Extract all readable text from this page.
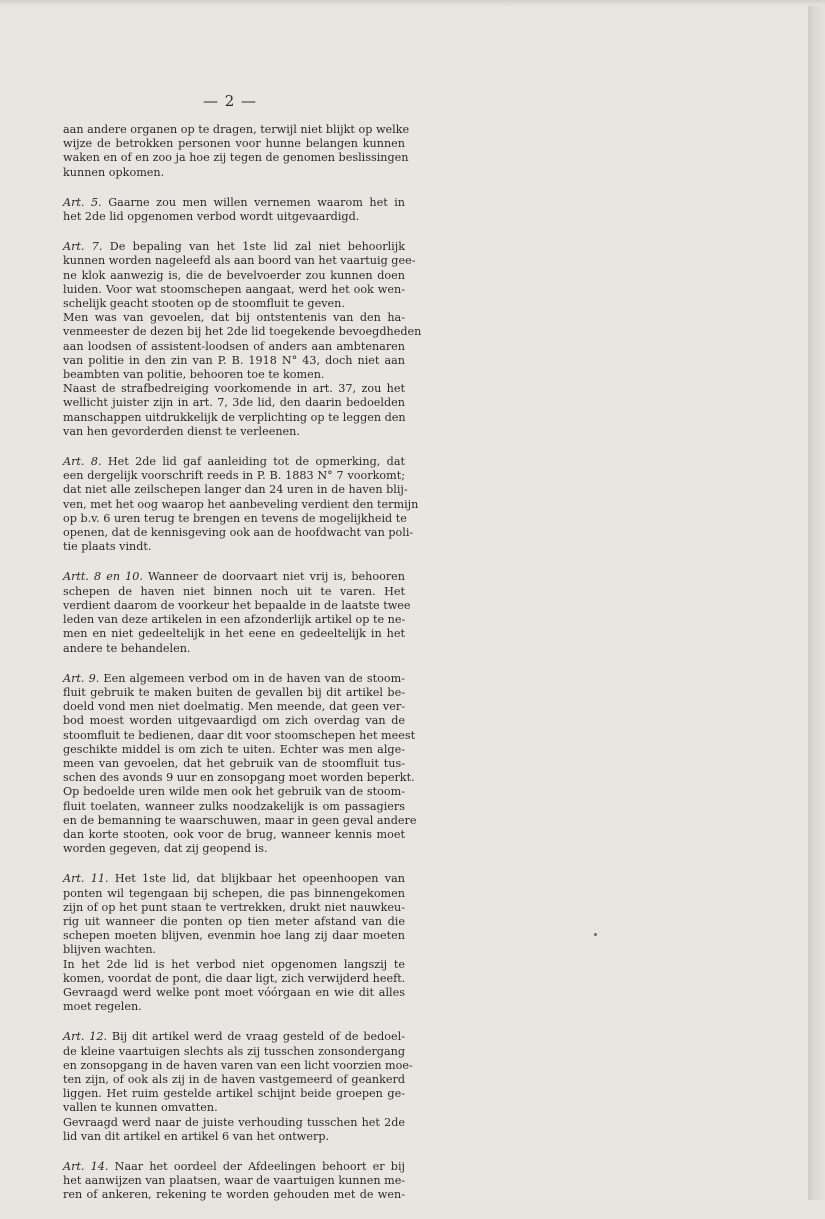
— 2 —
aan andere organen op te dragen, terwijl niet blijkt op welke
wijze de betrokken personen voor hunne belangen kunnen
waken en of en zoo ja hoe zij tegen de genomen beslissingen
kunnen opkomen.
Art. 5. Gaarne zou men willen vernemen waarom het in
het 2de lid opgenomen verbod wordt uitgevaardigd.
Art. 7. De bepaling van het 1ste lid zal niet behoorlijk
kunnen worden nageleefd als aan boord van het vaartuig gee-
ne klok aanwezig is, die de bevelvoerder zou kunnen doen
luiden. Voor wat stoomschepen aangaat, werd het ook wen-
schelijk geacht stooten op de stoomfluit te geven.
Men was van gevoelen, dat bij ontstentenis van den ha-
venmeester de dezen bij het 2de lid toegekende bevoegdheden
aan loodsen of assistent-loodsen of anders aan ambtenaren
van politie in den zin van P. B. 1918 N° 43, doch niet aan
beambten van politie, behooren toe te komen.
Naast de strafbedreiging voorkomende in art. 37, zou het
wellicht juister zijn in art. 7, 3de lid, den daarin bedoelden
manschappen uitdrukkelijk de verplichting op te leggen den
van hen gevorderden dienst te verleenen.
Art. 8. Het 2de lid gaf aanleiding tot de opmerking, dat
een dergelijk voorschrift reeds in P. B. 1883 N° 7 voorkomt;
dat niet alle zeilschepen langer dan 24 uren in de haven blij-
ven, met het oog waarop het aanbeveling verdient den termijn
op b.v. 6 uren terug te brengen en tevens de mogelijkheid te
openen, dat de kennisgeving ook aan de hoofdwacht van poli-
tie plaats vindt.
Artt. 8 en 10. Wanneer de doorvaart niet vrij is, behooren
schepen de haven niet binnen noch uit te varen. Het
verdient daarom de voorkeur het bepaalde in de laatste twee
leden van deze artikelen in een afzonderlijk artikel op te ne-
men en niet gedeeltelijk in het eene en gedeeltelijk in het
andere te behandelen.
Art. 9. Een algemeen verbod om in de haven van de stoom-
fluit gebruik te maken buiten de gevallen bij dit artikel be-
doeld vond men niet doelmatig. Men meende, dat geen ver-
bod moest worden uitgevaardigd om zich overdag van de
stoomfluit te bedienen, daar dit voor stoomschepen het meest
geschikte middel is om zich te uiten. Echter was men alge-
meen van gevoelen, dat het gebruik van de stoomfluit tus-
schen des avonds 9 uur en zonsopgang moet worden beperkt.
Op bedoelde uren wilde men ook het gebruik van de stoom-
fluit toelaten, wanneer zulks noodzakelijk is om passagiers
en de bemanning te waarschuwen, maar in geen geval andere
dan korte stooten, ook voor de brug, wanneer kennis moet
worden gegeven, dat zij geopend is.
Art. 11. Het 1ste lid, dat blijkbaar het opeenhoopen van
ponten wil tegengaan bij schepen, die pas binnengekomen
zijn of op het punt staan te vertrekken, drukt niet nauwkeu-
rig uit wanneer die ponten op tien meter afstand van die
schepen moeten blijven, evenmin hoe lang zij daar moeten
blijven wachten.
In het 2de lid is het verbod niet opgenomen langszij te
komen, voordat de pont, die daar ligt, zich verwijderd heeft.
Gevraagd werd welke pont moet vóórgaan en wie dit alles
moet regelen.
Art. 12. Bij dit artikel werd de vraag gesteld of de bedoel-
de kleine vaartuigen slechts als zij tusschen zonsondergang
en zonsopgang in de haven varen van een licht voorzien moe-
ten zijn, of ook als zij in de haven vastgemeerd of geankerd
liggen. Het ruim gestelde artikel schijnt beide groepen ge-
vallen te kunnen omvatten.
Gevraagd werd naar de juiste verhouding tusschen het 2de
lid van dit artikel en artikel 6 van het ontwerp.
Art. 14. Naar het oordeel der Afdeelingen behoort er bij
het aanwijzen van plaatsen, waar de vaartuigen kunnen me-
ren of ankeren, rekening te worden gehouden met de wen-
